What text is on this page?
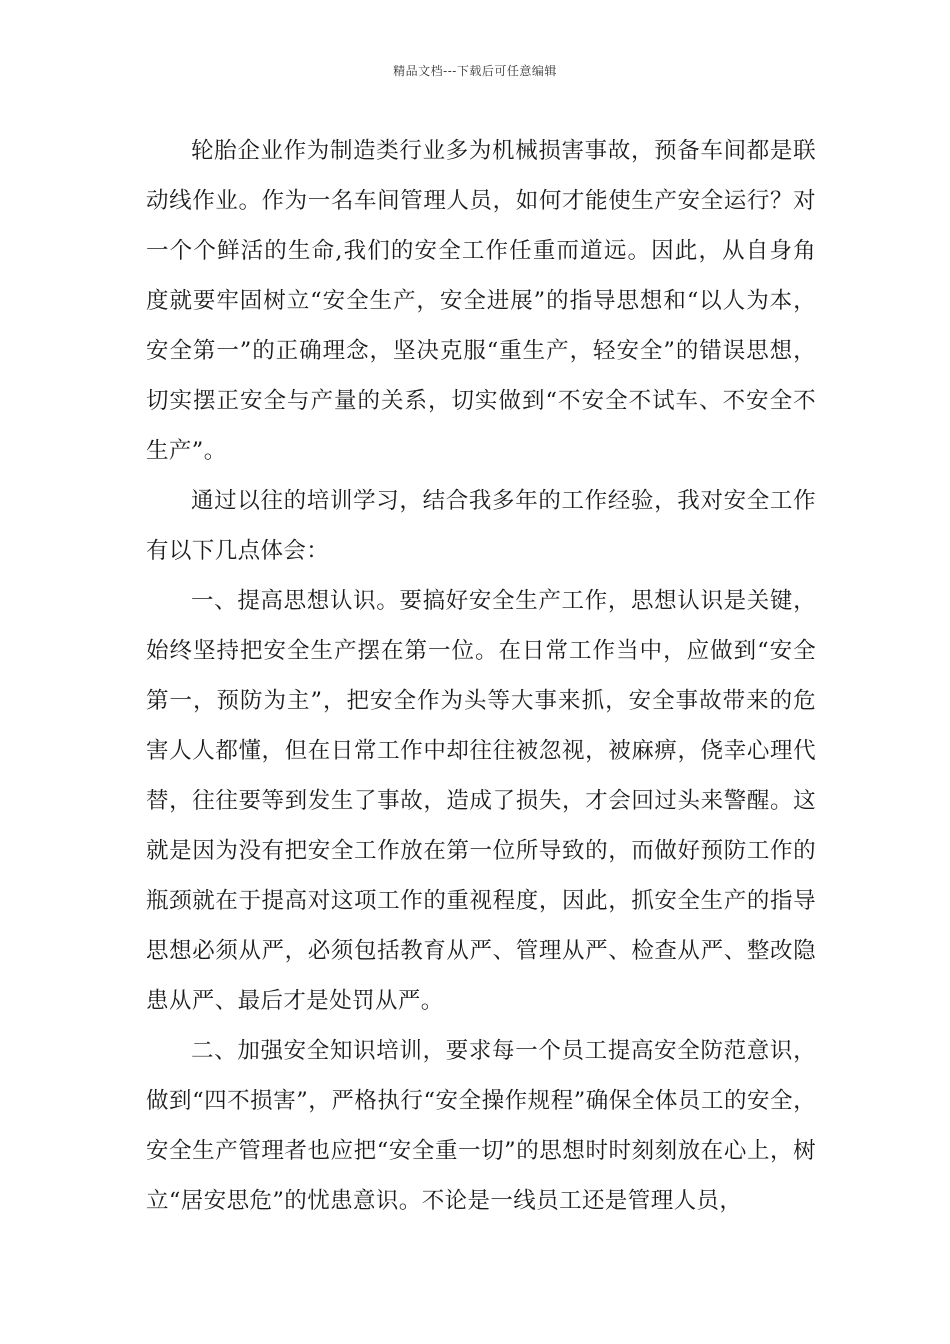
精品文档---下载后可任意编辑

轮胎企业作为制造类行业多为机械损害事故，预备车间都是联动线作业。作为一名车间管理人员，如何才能使生产安全运行？对一个个鲜活的生命,我们的安全工作任重而道远。因此，从自身角度就要牢固树立“安全生产，安全进展”的指导思想和“以人为本，安全第一”的正确理念，坚决克服“重生产，轻安全”的错误思想，切实摆正安全与产量的关系，切实做到“不安全不试车、不安全不生产”。

通过以往的培训学习，结合我多年的工作经验，我对安全工作有以下几点体会：

一、提高思想认识。要搞好安全生产工作，思想认识是关键，始终坚持把安全生产摆在第一位。在日常工作当中，应做到“安全第一，预防为主”，把安全作为头等大事来抓，安全事故带来的危害人人都懂，但在日常工作中却往往被忽视，被麻痹，侥幸心理代替，往往要等到发生了事故，造成了损失，才会回过头来警醒。这就是因为没有把安全工作放在第一位所导致的，而做好预防工作的瓶颈就在于提高对这项工作的重视程度，因此，抓安全生产的指导思想必须从严，必须包括教育从严、管理从严、检查从严、整改隐患从严、最后才是处罚从严。

二、加强安全知识培训，要求每一个员工提高安全防范意识，做到“四不损害”，严格执行“安全操作规程”确保全体员工的安全，安全生产管理者也应把“安全重一切”的思想时时刻刻放在心上，树立“居安思危”的忧患意识。不论是一线员工还是管理人员，
